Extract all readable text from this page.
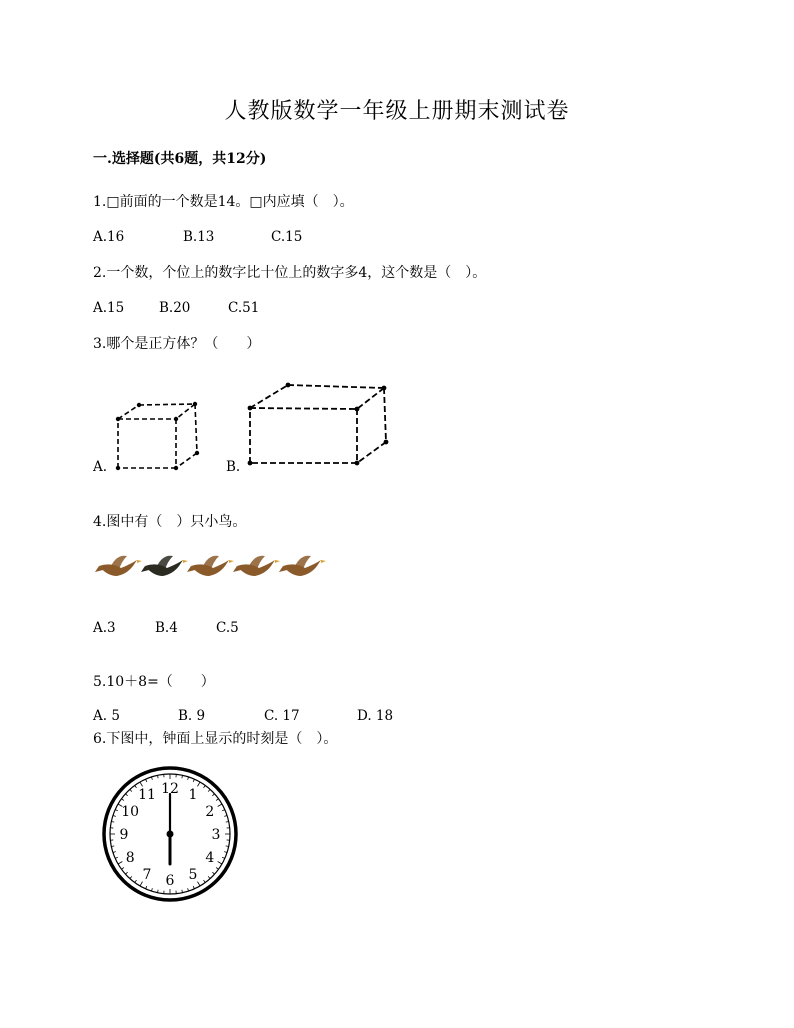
人教版数学一年级上册期末测试卷
一.选择题(共6题，共12分)
1.□前面的一个数是14。□内应填（　）。
A.16	B.13	C.15
2.一个数，个位上的数字比十位上的数字多4，这个数是（　）。
A.15	B.20	C.51
3.哪个是正方体？（　　）
A.	B.
4.图中有（　）只小鸟。
A.3	B.4	C.5
5.10＋8=（　　）
A. 5	B. 9	C. 17	D. 18
6.下图中，钟面上显示的时刻是（　）。
12 1
2
3
4
5
6
7
8
9
10
11
